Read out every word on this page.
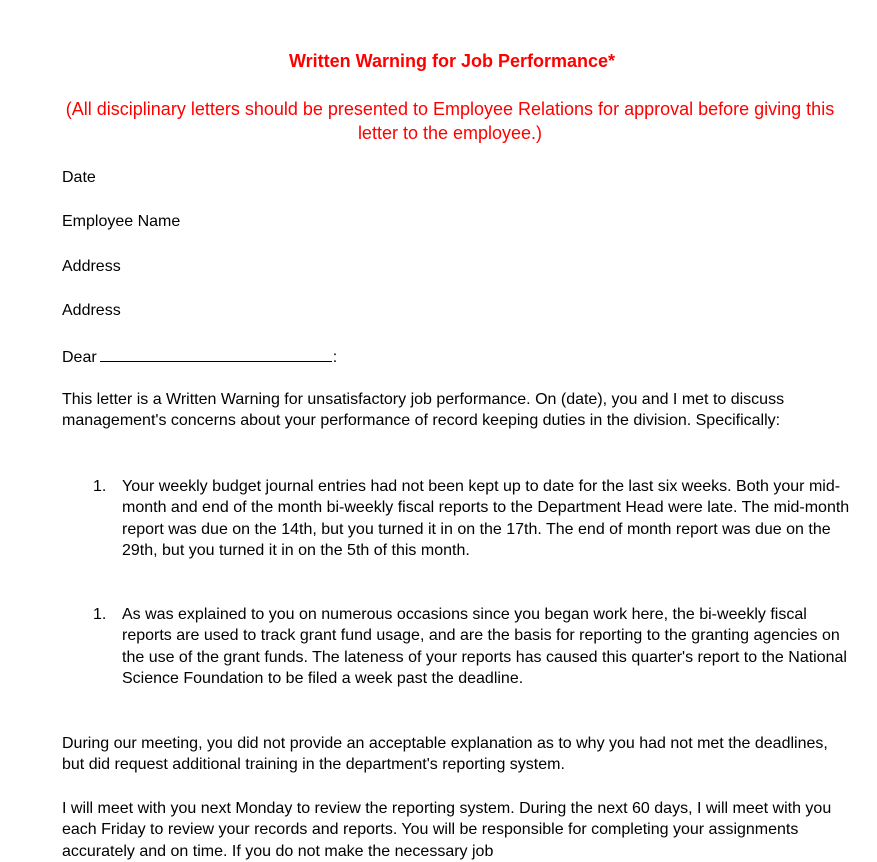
Written Warning for Job Performance*
(All disciplinary letters should be presented to Employee Relations for approval before giving this letter to the employee.)
Date
Employee Name
Address
Address
Dear	:

This letter is a Written Warning for unsatisfactory job performance. On (date), you and I met to discuss management's concerns about your performance of record keeping duties in the division. Specifically:

1. Your weekly budget journal entries had not been kept up to date for the last six weeks. Both your mid-month and end of the month bi-weekly fiscal reports to the Department Head were late. The mid-month report was due on the 14th, but you turned it in on the 17th. The end of month report was due on the 29th, but you turned it in on the 5th of this month.
1. As was explained to you on numerous occasions since you began work here, the bi-weekly fiscal reports are used to track grant fund usage, and are the basis for reporting to the granting agencies on the use of the grant funds. The lateness of your reports has caused this quarter's report to the National Science Foundation to be filed a week past the deadline.

During our meeting, you did not provide an acceptable explanation as to why you had not met the deadlines, but did request additional training in the department's reporting system.

I will meet with you next Monday to review the reporting system. During the next 60 days, I will meet with you each Friday to review your records and reports. You will be responsible for completing your assignments accurately and on time. If you do not make the necessary job
